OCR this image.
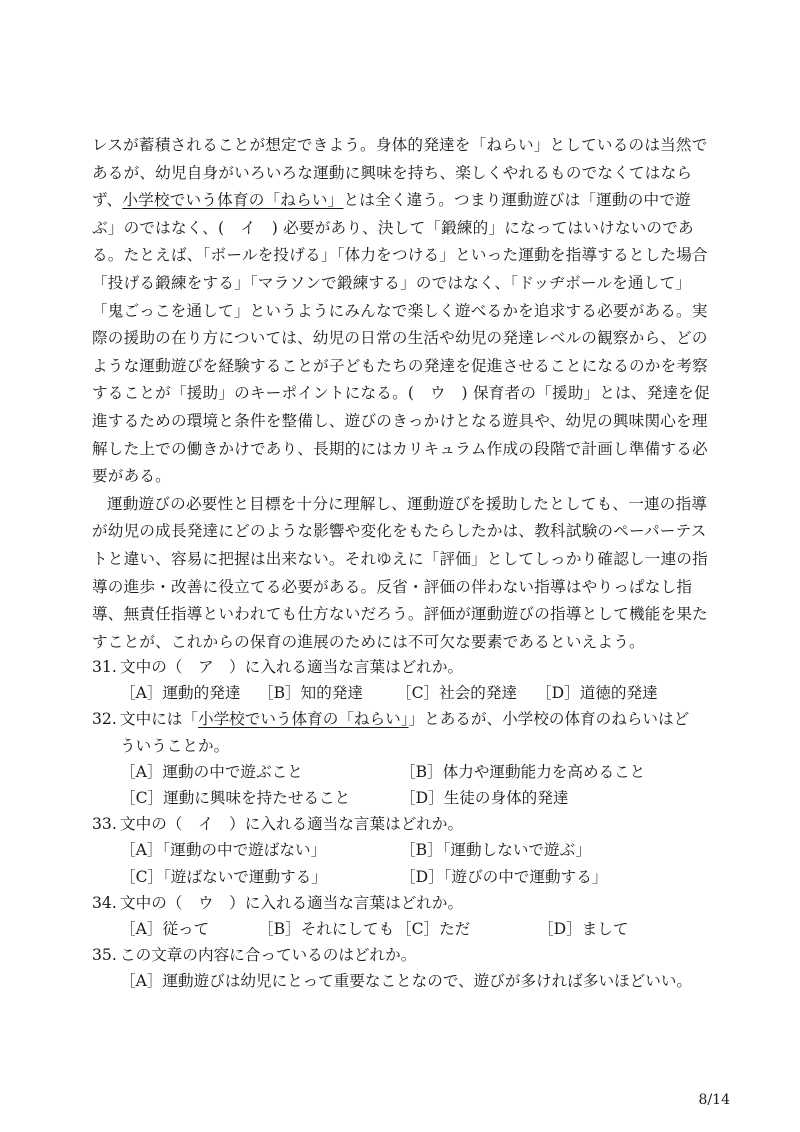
レスが蓄積されることが想定できよう。身体的発達を「ねらい」としているのは当然であるが、幼児自身がいろいろな運動に興味を持ち、楽しくやれるものでなくてはならず、小学校でいう体育の「ねらい」とは全く違う。つまり運動遊びは「運動の中で遊ぶ」のではなく、(　イ　) 必要があり、決して「鍛練的」になってはいけないのである。たとえば、「ボールを投げる」「体力をつける」といった運動を指導するとした場合「投げる鍛練をする」「マラソンで鍛練する」のではなく、「ドッヂボールを通して」「鬼ごっこを通して」というようにみんなで楽しく遊べるかを追求する必要がある。実際の援助の在り方については、幼児の日常の生活や幼児の発達レベルの観察から、どのような運動遊びを経験することが子どもたちの発達を促進させることになるのかを考察することが「援助」のキーポイントになる。(　ウ　) 保育者の「援助」とは、発達を促進するための環境と条件を整備し、遊びのきっかけとなる遊具や、幼児の興味関心を理解した上での働きかけであり、長期的にはカリキュラム作成の段階で計画し準備する必要がある。

運動遊びの必要性と目標を十分に理解し、運動遊びを援助したとしても、一連の指導が幼児の成長発達にどのような影響や変化をもたらしたかは、教科試験のペーパーテストと違い、容易に把握は出来ない。それゆえに「評価」としてしっかり確認し一連の指導の進歩・改善に役立てる必要がある。反省・評価の伴わない指導はやりっぱなし指導、無責任指導といわれても仕方ないだろう。評価が運動遊びの指導として機能を果たすことが、これからの保育の進展のためには不可欠な要素であるといえよう。

31. 文中の（　ア　）に入れる適当な言葉はどれか。
［A］運動的発達	［B］知的発達	［C］社会的発達	［D］道徳的発達
32. 文中には「小学校でいう体育の「ねらい」」とあるが、小学校の体育のねらいはど
ういうことか。
［A］運動の中で遊ぶこと	［B］体力や運動能力を高めること
［C］運動に興味を持たせること	［D］生徒の身体的発達
33. 文中の（　イ　）に入れる適当な言葉はどれか。
［A］「運動の中で遊ばない」	［B］「運動しないで遊ぶ」
［C］「遊ばないで運動する」	［D］「遊びの中で運動する」
34. 文中の（　ウ　）に入れる適当な言葉はどれか。
［A］従って	［B］それにしても ［C］ただ	［D］まして
35. この文章の内容に合っているのはどれか。
［A］運動遊びは幼児にとって重要なことなので、遊びが多ければ多いほどいい。
8/14
